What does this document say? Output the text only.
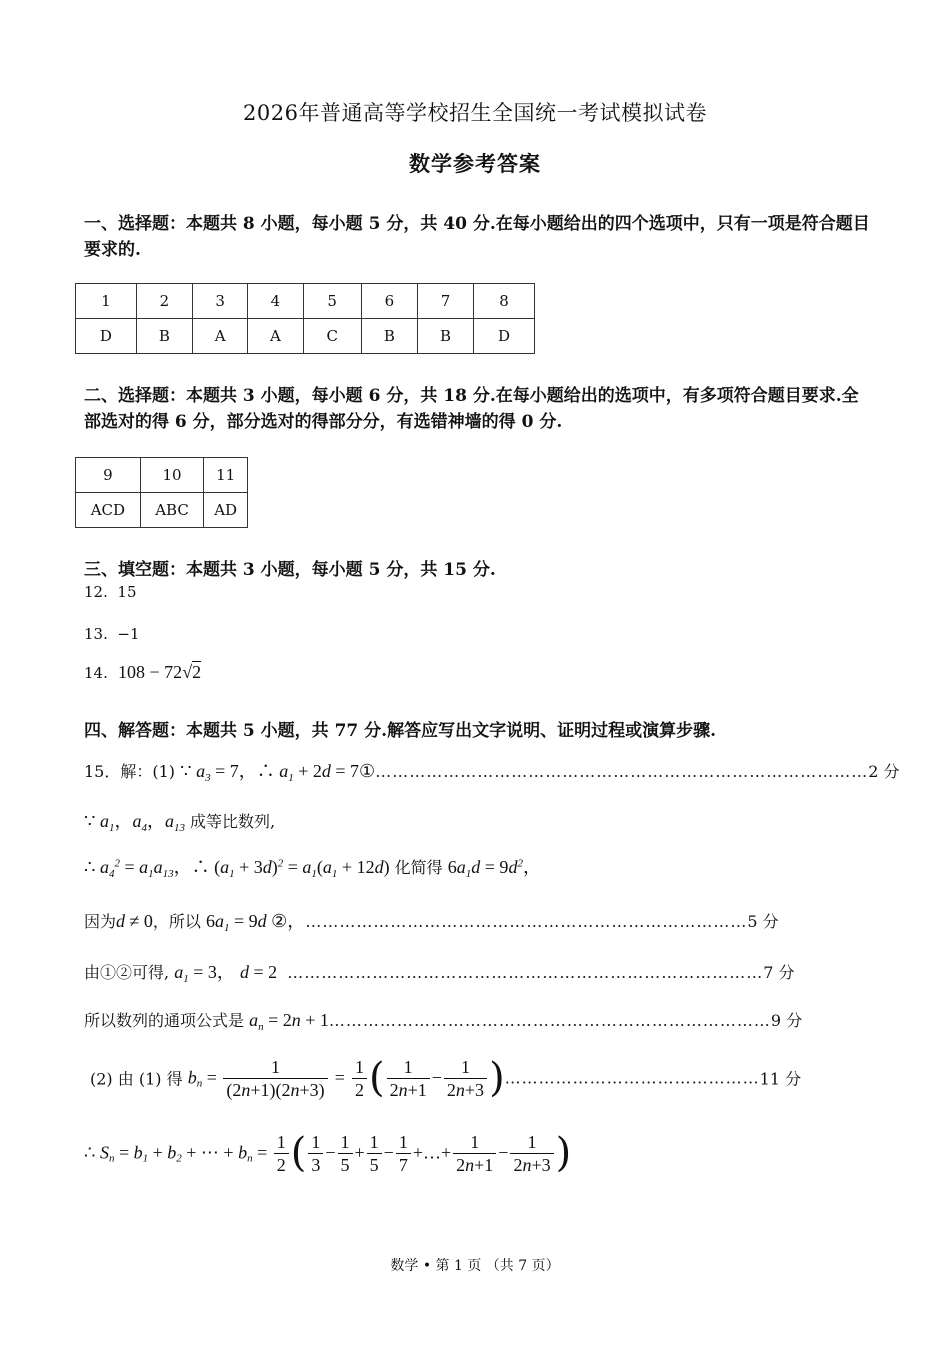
2026年普通高等学校招生全国统一考试模拟试卷
数学参考答案
一、选择题：本题共 8 小题，每小题 5 分，共 40 分.在每小题给出的四个选项中，只有一项是符合题目要求的.
1	2	3	4	5	6	7	8
D	B	A	A	C	B	B	D
二、选择题：本题共 3 小题，每小题 6 分，共 18 分.在每小题给出的选项中，有多项符合题目要求.全部选对的得 6 分，部分选对的得部分分，有选错神墙的得 0 分.
9	10	11
ACD	ABC	AD
三、填空题：本题共 3 小题，每小题 5 分，共 15 分.
12. 15
13. −1
14. 108 − 72√2
四、解答题：本题共 5 小题，共 77 分.解答应写出文字说明、证明过程或演算步骤.
15．解：(1) ∵ $a_3 = 7$，∴ $a_1 + 2d$ = 7①……………………………………………………………………………2 分
∵ $a_1$，$a_4$，$a_{13}$ 成等比数列,
∴ $a_4^2 = a_1a_{13}$，∴ $(a_1 + 3d)^2 = a_1(a_1 + 12d)$ 化简得 $6a_1d = 9d^2$，
因为d ≠ 0，所以 $6a_1 = 9d$ ②，……………………………………………………………………5 分
由①②可得, $a_1 = 3$， d = 2 …………………………………………………………………………7 分
所以数列的通项公式是 $a_n = 2n$ + 1……………………………………………………………………9 分
(2) 由 (1) 得 $b_n = \frac{1}{(2n+1)(2n+3)} = \frac{1}{2}$ ( $\frac{1}{2n+1} - \frac{1}{2n+3}$ )………………………………………11 分
∴ $S_n = b_1 + b_2$ + ⋯ + $b_n = \frac{1}{2}$ ( $\frac{1}{3} - \frac{1}{5} + \frac{1}{5} - \frac{1}{7}$ +…+ $\frac{1}{2n+1} - \frac{1}{2n+3}$ )
数学 • 第 1 页 （共 7 页）
